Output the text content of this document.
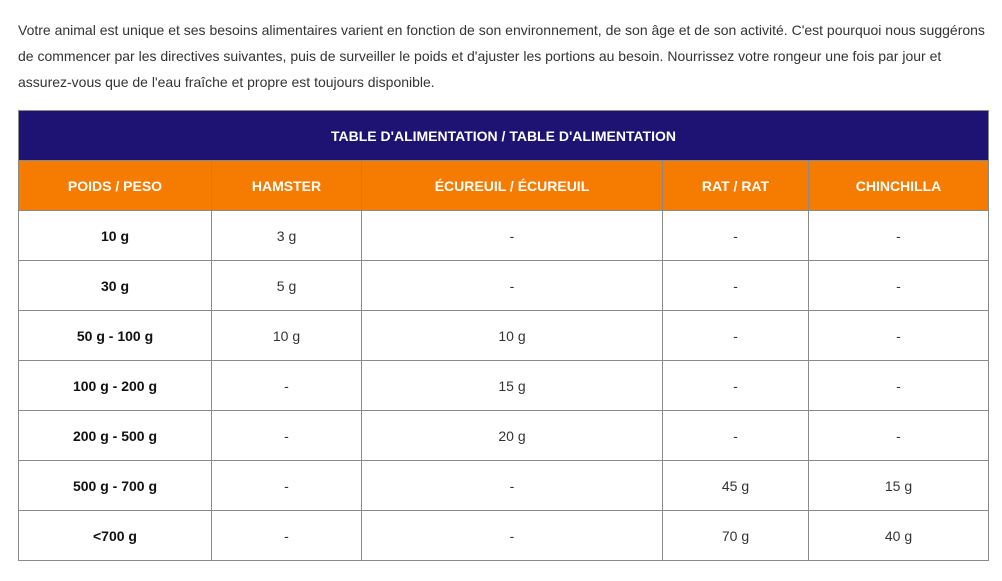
Votre animal est unique et ses besoins alimentaires varient en fonction de son environnement, de son âge et de son activité. C'est pourquoi nous suggérons de commencer par les directives suivantes, puis de surveiller le poids et d'ajuster les portions au besoin. Nourrissez votre rongeur une fois par jour et assurez-vous que de l'eau fraîche et propre est toujours disponible.

TABLE D'ALIMENTATION / TABLE D'ALIMENTATION				
POIDS / PESO	HAMSTER	ÉCUREUIL / ÉCUREUIL	RAT / RAT	CHINCHILLA
10 g	3 g	-	-	-
30 g	5 g	-	-	-
50 g - 100 g	10 g	10 g	-	-
100 g - 200 g	-	15 g	-	-
200 g - 500 g	-	20 g	-	-
500 g - 700 g	-	-	45 g	15 g
<700 g	-	-	70 g	40 g
